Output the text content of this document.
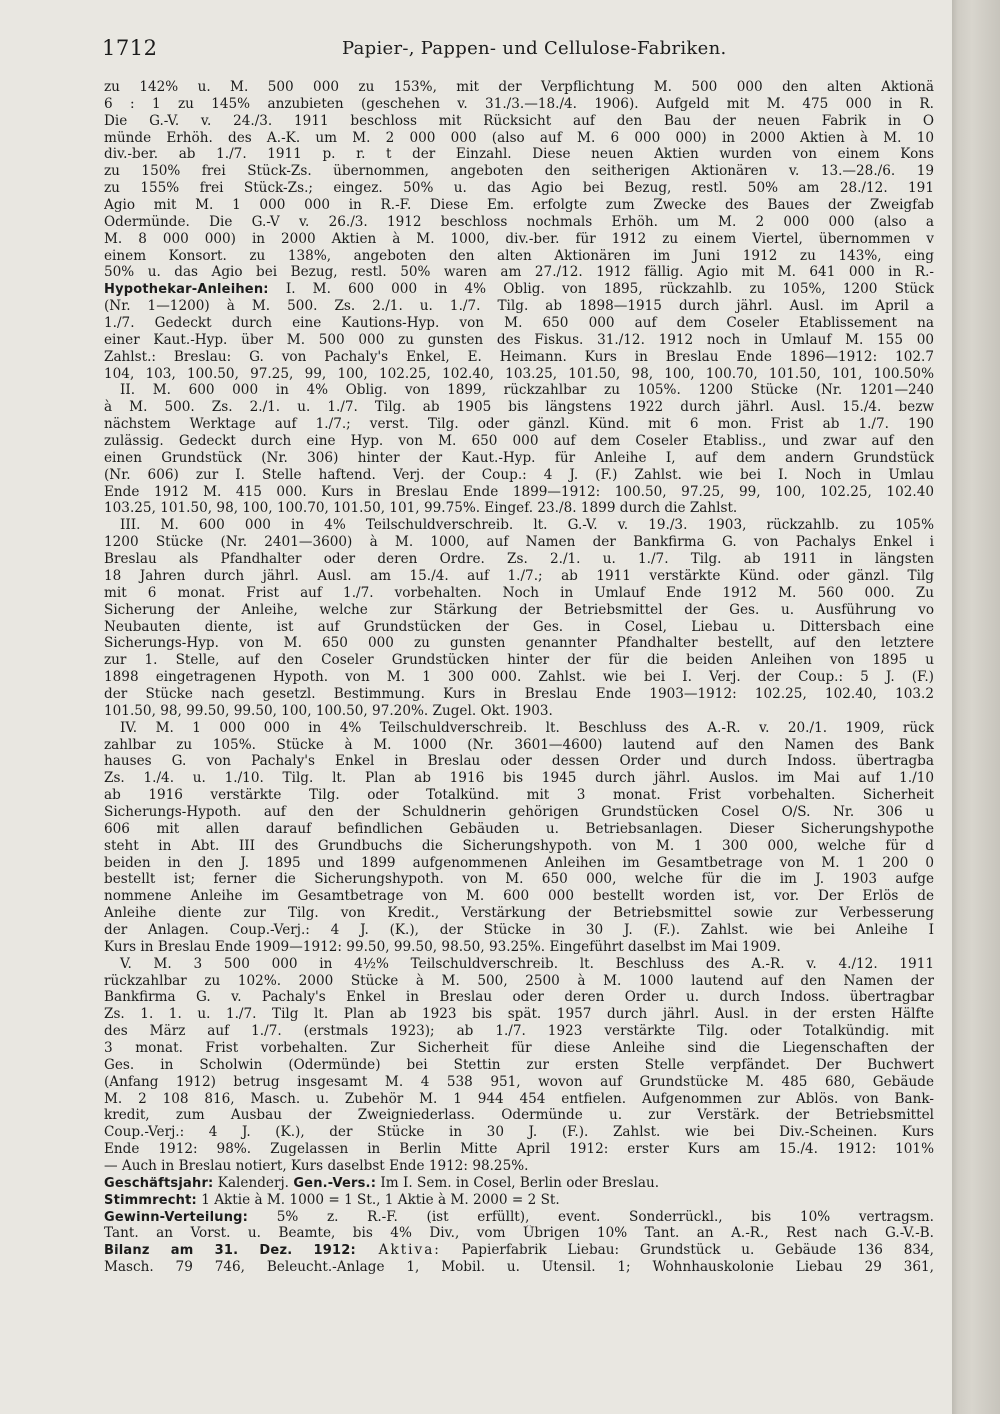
1712	Papier-, Pappen- und Cellulose-Fabriken.
zu 142% u. M. 500 000 zu 153%, mit der Verpflichtung M. 500 000 den alten Aktionä
6 : 1 zu 145% anzubieten (geschehen v. 31./3.—18./4. 1906). Aufgeld mit M. 475 000 in R.
Die G.-V. v. 24./3. 1911 beschloss mit Rücksicht auf den Bau der neuen Fabrik in O
münde Erhöh. des A.-K. um M. 2 000 000 (also auf M. 6 000 000) in 2000 Aktien à M. 10
div.-ber. ab 1./7. 1911 p. r. t der Einzahl. Diese neuen Aktien wurden von einem Kons
zu 150% frei Stück-Zs. übernommen, angeboten den seitherigen Aktionären v. 13.—28./6. 19
zu 155% frei Stück-Zs.; eingez. 50% u. das Agio bei Bezug, restl. 50% am 28./12. 191
Agio mit M. 1 000 000 in R.-F. Diese Em. erfolgte zum Zwecke des Baues der Zweigfab
Odermünde. Die G.-V v. 26./3. 1912 beschloss nochmals Erhöh. um M. 2 000 000 (also a
M. 8 000 000) in 2000 Aktien à M. 1000, div.-ber. für 1912 zu einem Viertel, übernommen v
einem Konsort. zu 138%, angeboten den alten Aktionären im Juni 1912 zu 143%, eing
50% u. das Agio bei Bezug, restl. 50% waren am 27./12. 1912 fällig. Agio mit M. 641 000 in R.-
Hypothekar-Anleihen: I. M. 600 000 in 4% Oblig. von 1895, rückzahlb. zu 105%, 1200 Stück
(Nr. 1—1200) à M. 500. Zs. 2./1. u. 1./7. Tilg. ab 1898—1915 durch jährl. Ausl. im April a
1./7. Gedeckt durch eine Kautions-Hyp. von M. 650 000 auf dem Coseler Etablissement na
einer Kaut.-Hyp. über M. 500 000 zu gunsten des Fiskus. 31./12. 1912 noch in Umlauf M. 155 00
Zahlst.: Breslau: G. von Pachaly's Enkel, E. Heimann. Kurs in Breslau Ende 1896—1912: 102.7
104, 103, 100.50, 97.25, 99, 100, 102.25, 102.40, 103.25, 101.50, 98, 100, 100.70, 101.50, 101, 100.50%
II. M. 600 000 in 4% Oblig. von 1899, rückzahlbar zu 105%. 1200 Stücke (Nr. 1201—240
à M. 500. Zs. 2./1. u. 1./7. Tilg. ab 1905 bis längstens 1922 durch jährl. Ausl. 15./4. bezw
nächstem Werktage auf 1./7.; verst. Tilg. oder gänzl. Künd. mit 6 mon. Frist ab 1./7. 190
zulässig. Gedeckt durch eine Hyp. von M. 650 000 auf dem Coseler Etabliss., und zwar auf den
einen Grundstück (Nr. 306) hinter der Kaut.-Hyp. für Anleihe I, auf dem andern Grundstück
(Nr. 606) zur I. Stelle haftend. Verj. der Coup.: 4 J. (F.) Zahlst. wie bei I. Noch in Umlau
Ende 1912 M. 415 000. Kurs in Breslau Ende 1899—1912: 100.50, 97.25, 99, 100, 102.25, 102.40
103.25, 101.50, 98, 100, 100.70, 101.50, 101, 99.75%. Eingef. 23./8. 1899 durch die Zahlst.
III. M. 600 000 in 4% Teilschuldverschreib. lt. G.-V. v. 19./3. 1903, rückzahlb. zu 105%
1200 Stücke (Nr. 2401—3600) à M. 1000, auf Namen der Bankfirma G. von Pachalys Enkel i
Breslau als Pfandhalter oder deren Ordre. Zs. 2./1. u. 1./7. Tilg. ab 1911 in längsten
18 Jahren durch jährl. Ausl. am 15./4. auf 1./7.; ab 1911 verstärkte Künd. oder gänzl. Tilg
mit 6 monat. Frist auf 1./7. vorbehalten. Noch in Umlauf Ende 1912 M. 560 000. Zu
Sicherung der Anleihe, welche zur Stärkung der Betriebsmittel der Ges. u. Ausführung vo
Neubauten diente, ist auf Grundstücken der Ges. in Cosel, Liebau u. Dittersbach eine
Sicherungs-Hyp. von M. 650 000 zu gunsten genannter Pfandhalter bestellt, auf den letztere
zur 1. Stelle, auf den Coseler Grundstücken hinter der für die beiden Anleihen von 1895 u
1898 eingetragenen Hypoth. von M. 1 300 000. Zahlst. wie bei I. Verj. der Coup.: 5 J. (F.)
der Stücke nach gesetzl. Bestimmung. Kurs in Breslau Ende 1903—1912: 102.25, 102.40, 103.2
101.50, 98, 99.50, 99.50, 100, 100.50, 97.20%. Zugel. Okt. 1903.
IV. M. 1 000 000 in 4% Teilschuldverschreib. lt. Beschluss des A.-R. v. 20./1. 1909, rück
zahlbar zu 105%. Stücke à M. 1000 (Nr. 3601—4600) lautend auf den Namen des Bank
hauses G. von Pachaly's Enkel in Breslau oder dessen Order und durch Indoss. übertragba
Zs. 1./4. u. 1./10. Tilg. lt. Plan ab 1916 bis 1945 durch jährl. Auslos. im Mai auf 1./10
ab 1916 verstärkte Tilg. oder Totalkünd. mit 3 monat. Frist vorbehalten. Sicherheit
Sicherungs-Hypoth. auf den der Schuldnerin gehörigen Grundstücken Cosel O/S. Nr. 306 u
606 mit allen darauf befindlichen Gebäuden u. Betriebsanlagen. Dieser Sicherungshypothe
steht in Abt. III des Grundbuchs die Sicherungshypoth. von M. 1 300 000, welche für d
beiden in den J. 1895 und 1899 aufgenommenen Anleihen im Gesamtbetrage von M. 1 200 0
bestellt ist; ferner die Sicherungshypoth. von M. 650 000, welche für die im J. 1903 aufge
nommene Anleihe im Gesamtbetrage von M. 600 000 bestellt worden ist, vor. Der Erlös de
Anleihe diente zur Tilg. von Kredit., Verstärkung der Betriebsmittel sowie zur Verbesserung
der Anlagen. Coup.-Verj.: 4 J. (K.), der Stücke in 30 J. (F.). Zahlst. wie bei Anleihe I
Kurs in Breslau Ende 1909—1912: 99.50, 99.50, 98.50, 93.25%. Eingeführt daselbst im Mai 1909.
V. M. 3 500 000 in 4½% Teilschuldverschreib. lt. Beschluss des A.-R. v. 4./12. 1911
rückzahlbar zu 102%. 2000 Stücke à M. 500, 2500 à M. 1000 lautend auf den Namen der
Bankfirma G. v. Pachaly's Enkel in Breslau oder deren Order u. durch Indoss. übertragbar
Zs. 1. 1. u. 1./7. Tilg lt. Plan ab 1923 bis spät. 1957 durch jährl. Ausl. in der ersten Hälfte
des März auf 1./7. (erstmals 1923); ab 1./7. 1923 verstärkte Tilg. oder Totalkündig. mit
3 monat. Frist vorbehalten. Zur Sicherheit für diese Anleihe sind die Liegenschaften der
Ges. in Scholwin (Odermünde) bei Stettin zur ersten Stelle verpfändet. Der Buchwert
(Anfang 1912) betrug insgesamt M. 4 538 951, wovon auf Grundstücke M. 485 680, Gebäude
M. 2 108 816, Masch. u. Zubehör M. 1 944 454 entfielen. Aufgenommen zur Ablös. von Bank-
kredit, zum Ausbau der Zweigniederlass. Odermünde u. zur Verstärk. der Betriebsmittel
Coup.-Verj.: 4 J. (K.), der Stücke in 30 J. (F.). Zahlst. wie bei Div.-Scheinen. Kurs
Ende 1912: 98%. Zugelassen in Berlin Mitte April 1912: erster Kurs am 15./4. 1912: 101%
— Auch in Breslau notiert, Kurs daselbst Ende 1912: 98.25%.
Geschäftsjahr: Kalenderj. Gen.-Vers.: Im I. Sem. in Cosel, Berlin oder Breslau.
Stimmrecht: 1 Aktie à M. 1000 = 1 St., 1 Aktie à M. 2000 = 2 St.
Gewinn-Verteilung: 5% z. R.-F. (ist erfüllt), event. Sonderrückl., bis 10% vertragsm.
Tant. an Vorst. u. Beamte, bis 4% Div., vom Übrigen 10% Tant. an A.-R., Rest nach G.-V.-B.
Bilanz am 31. Dez. 1912: Aktiva: Papierfabrik Liebau: Grundstück u. Gebäude 136 834,
Masch. 79 746, Beleucht.-Anlage 1, Mobil. u. Utensil. 1; Wohnhauskolonie Liebau 29 361,
